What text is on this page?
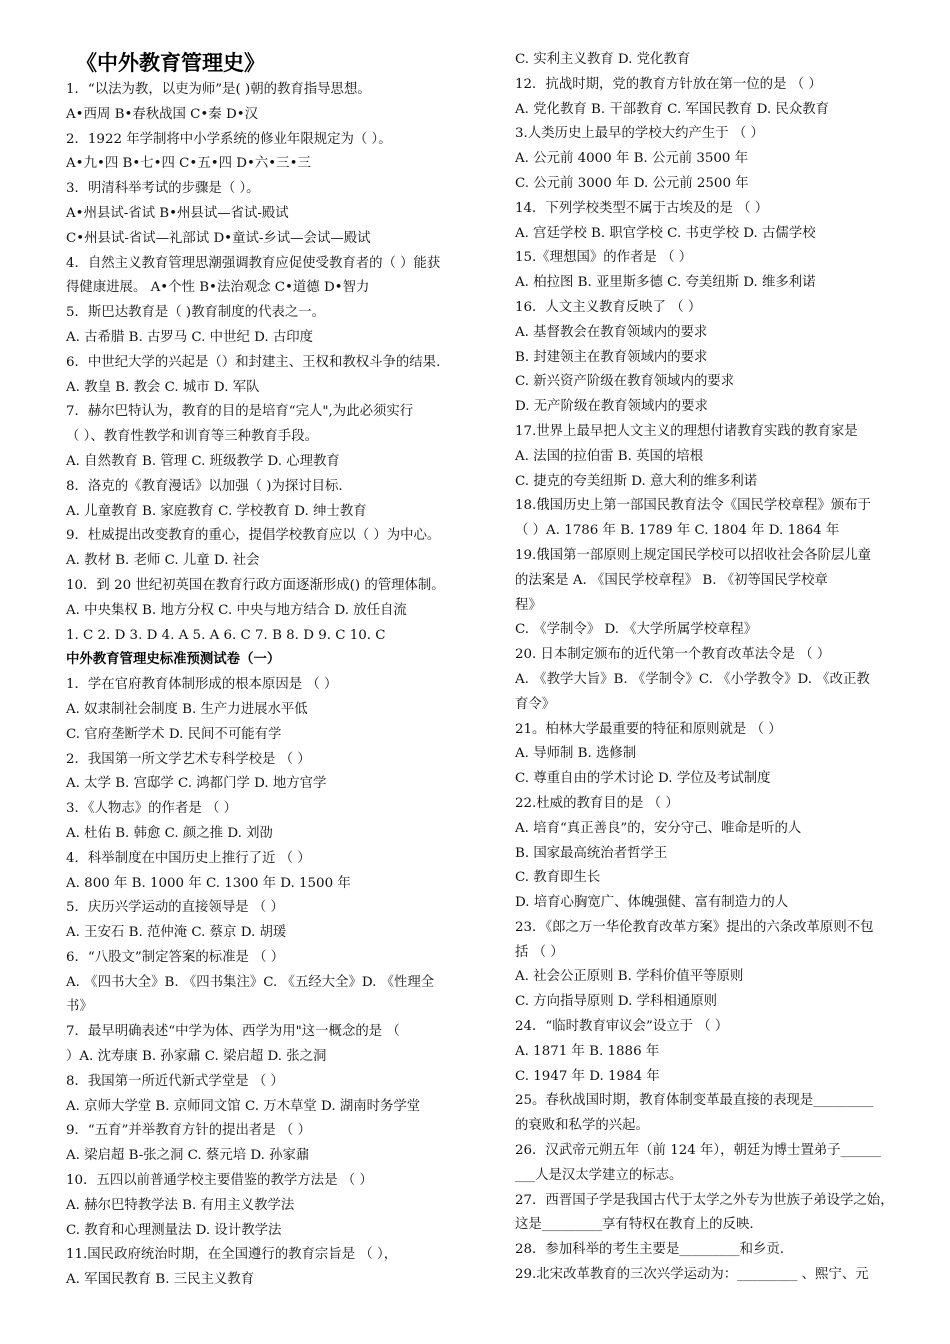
《中外教育管理史》
1．“以法为教，以吏为师”是( )朝的教育指导思想。
A•西周 B•春秋战国 C•秦 D•汉
2．1922 年学制将中小学系统的修业年限规定为（ ）。
A•九•四 B•七•四 C•五•四 D•六•三•三
3．明清科举考试的步骤是（ ）。
A•州县试-省试 B•州县试—省试-殿试
C•州县试-省试—礼部试 D•童试-乡试—会试—殿试
4．自然主义教育管理思潮强调教育应促使受教育者的（ ）能获
得健康进展。 A•个性 B•法治观念 C•道德 D•智力
5．斯巴达教育是（ )教育制度的代表之一。
A. 古希腊 B. 古罗马 C. 中世纪 D. 古印度
6．中世纪大学的兴起是（）和封建主、王权和教权斗争的结果.
A. 教皇 B. 教会 C. 城市 D. 军队
7．赫尔巴特认为，教育的目的是培育“完人",为此必须实行
（ ）、教育性教学和训育等三种教育手段。
A. 自然教育 B. 管理 C. 班级教学 D. 心理教育
8．洛克的《教育漫话》以加强（ )为探讨目标.
A. 儿童教育 B. 家庭教育 C. 学校教育 D. 绅士教育
9．杜威提出改变教育的重心，提倡学校教育应以（ ）为中心。
A. 教材 B. 老师 C. 儿童 D. 社会
10．到 20 世纪初英国在教育行政方面逐渐形成() 的管理体制。
A. 中央集权 B. 地方分权 C. 中央与地方结合 D. 放任自流
1. C 2. D 3. D 4. A 5. A 6. C 7. B 8. D 9. C 10. C
中外教育管理史标准预测试卷（一）
1．学在官府教育体制形成的根本原因是 （ ）
A. 奴隶制社会制度 B. 生产力进展水平低
C. 官府垄断学术 D. 民间不可能有学
2．我国第一所文学艺术专科学校是 （ ）
A. 太学 B. 宫邸学 C. 鸿都门学 D. 地方官学
3．《人物志》的作者是 （ ）
A. 杜佑 B. 韩愈 C. 颜之推 D. 刘劭
4．科举制度在中国历史上推行了近 （ ）
A. 800 年 B. 1000 年 C. 1300 年 D. 1500 年
5．庆历兴学运动的直接领导是 （ ）
A. 王安石 B. 范仲淹 C. 蔡京 D. 胡瑗
6．“八股文”制定答案的标准是 （ ）
A. 《四书大全》B. 《四书集注》C. 《五经大全》D. 《性理全
书》
7．最早明确表述“中学为体、西学为用"这一概念的是 （
）A. 沈寿康 B. 孙家鼐 C. 梁启超 D. 张之洞
8．我国第一所近代新式学堂是 （ ）
A. 京师大学堂 B. 京师同文馆 C. 万木草堂 D. 湖南时务学堂
9．“五育”并举教育方针的提出者是 （ ）
A. 梁启超 B-张之洞 C. 蔡元培 D. 孙家鼐
10．五四以前普通学校主要借鉴的教学方法是 （ ）
A. 赫尔巴特教学法 B. 有用主义教学法
C. 教育和心理测量法 D. 设计教学法
11.国民政府统治时期，在全国遵行的教育宗旨是 （ ），
A. 军国民教育 B. 三民主义教育
C. 实利主义教育 D. 党化教育
12．抗战时期，党的教育方针放在第一位的是 （ ）
A. 党化教育 B. 干部教育 C. 军国民教育 D. 民众教育
3.人类历史上最早的学校大约产生于 （ ）
A. 公元前 4000 年 B. 公元前 3500 年
C. 公元前 3000 年 D. 公元前 2500 年
14．下列学校类型不属于古埃及的是 （ ）
A. 宫廷学校 B. 职官学校 C. 书吏学校 D. 古儒学校
15.《理想国》的作者是 （ ）
A. 柏拉图 B. 亚里斯多德 C. 夸美纽斯 D. 维多利诺
16．人文主义教育反映了 （ ）
A. 基督教会在教育领域内的要求
B. 封建领主在教育领域内的要求
C. 新兴资产阶级在教育领域内的要求
D. 无产阶级在教育领域内的要求
17.世界上最早把人文主义的理想付诸教育实践的教育家是
A. 法国的拉伯雷 B. 英国的培根
C. 捷克的夸美纽斯 D. 意大利的维多利诺
18.俄国历史上第一部国民教育法令《国民学校章程》颁布于
（ ）A. 1786 年 B. 1789 年 C. 1804 年 D. 1864 年
19.俄国第一部原则上规定国民学校可以招收社会各阶层儿童
的法案是 A. 《国民学校章程》 B. 《初等国民学校章
程》
C. 《学制令》 D. 《大学所属学校章程》
20. 日本制定颁布的近代第一个教育改革法令是 （ ）
A. 《教学大旨》B. 《学制令》C. 《小学教令》D. 《改正教
育令》
21。柏林大学最重要的特征和原则就是 （ ）
A. 导师制 B. 选修制
C. 尊重自由的学术讨论 D. 学位及考试制度
22.杜威的教育目的是 （ ）
A. 培育“真正善良”的，安分守己、唯命是听的人
B. 国家最高统治者哲学王
C. 教育即生长
D. 培育心胸宽广、体魄强健、富有制造力的人
23．《郎之万一华伦教育改革方案》提出的六条改革原则不包
括 （ ）
A. 社会公正原则 B. 学科价值平等原则
C. 方向指导原则 D. 学科相通原则
24．“临时教育审议会”设立于 （ ）
A. 1871 年 B. 1886 年
C. 1947 年 D. 1984 年
25。春秋战国时期，教育体制变革最直接的表现是_________
的衰败和私学的兴起。
26．汉武帝元朔五年（前 124 年），朝廷为博士置弟子______
___人是汉太学建立的标志。
27．西晋国子学是我国古代于太学之外专为世族子弟设学之始，
这是_________享有特权在教育上的反映.
28．参加科举的考生主要是_________和乡贡.
29.北宋改革教育的三次兴学运动为：_________ 、熙宁、元
